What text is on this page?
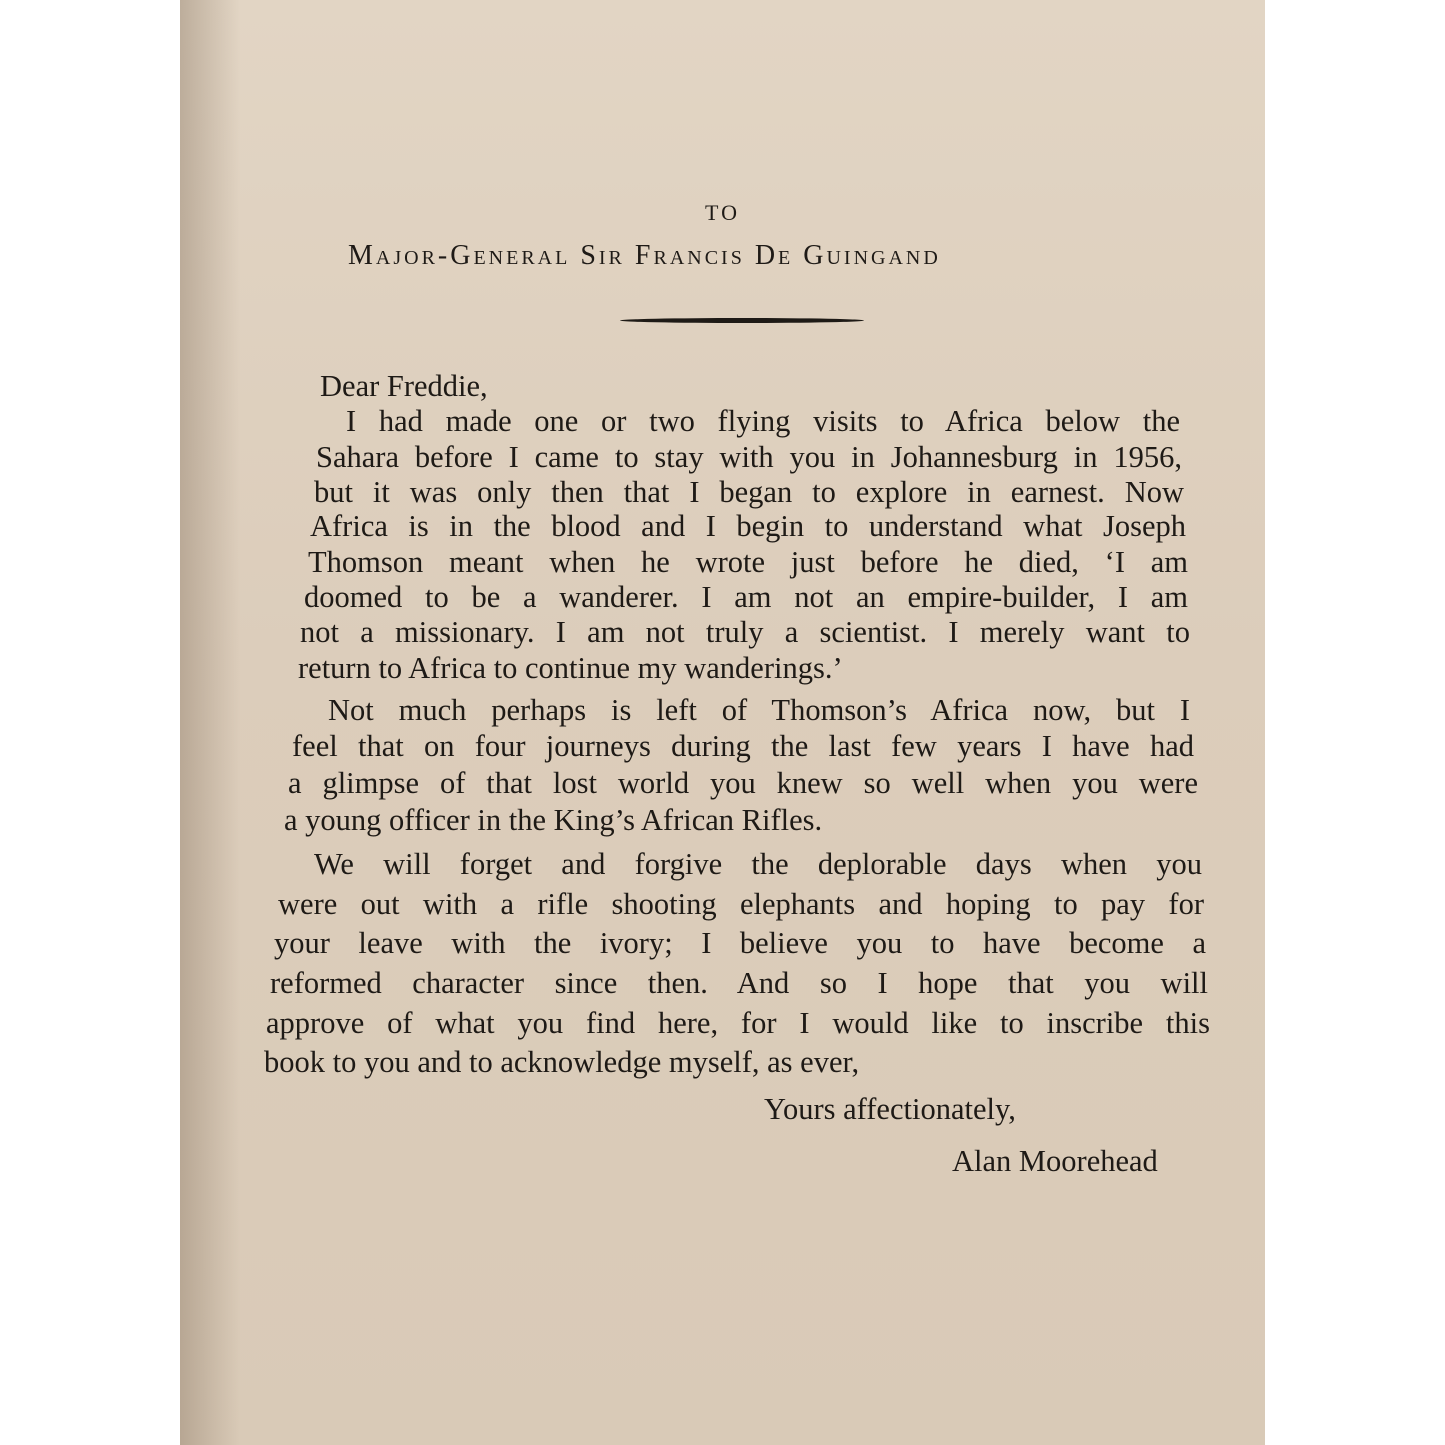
TO
Major-General Sir Francis De Guingand
Dear Freddie,
I had made one or two flying visits to Africa below the
Sahara before I came to stay with you in Johannesburg in 1956,
but it was only then that I began to explore in earnest. Now
Africa is in the blood and I begin to understand what Joseph
Thomson meant when he wrote just before he died, ‘I am
doomed to be a wanderer. I am not an empire-builder, I am
not a missionary. I am not truly a scientist. I merely want to
return to Africa to continue my wanderings.’
Not much perhaps is left of Thomson’s Africa now, but I
feel that on four journeys during the last few years I have had
a glimpse of that lost world you knew so well when you were
a young officer in the King’s African Rifles.
We will forget and forgive the deplorable days when you
were out with a rifle shooting elephants and hoping to pay for
your leave with the ivory; I believe you to have become a
reformed character since then. And so I hope that you will
approve of what you find here, for I would like to inscribe this
book to you and to acknowledge myself, as ever,
Yours affectionately,
Alan Moorehead
